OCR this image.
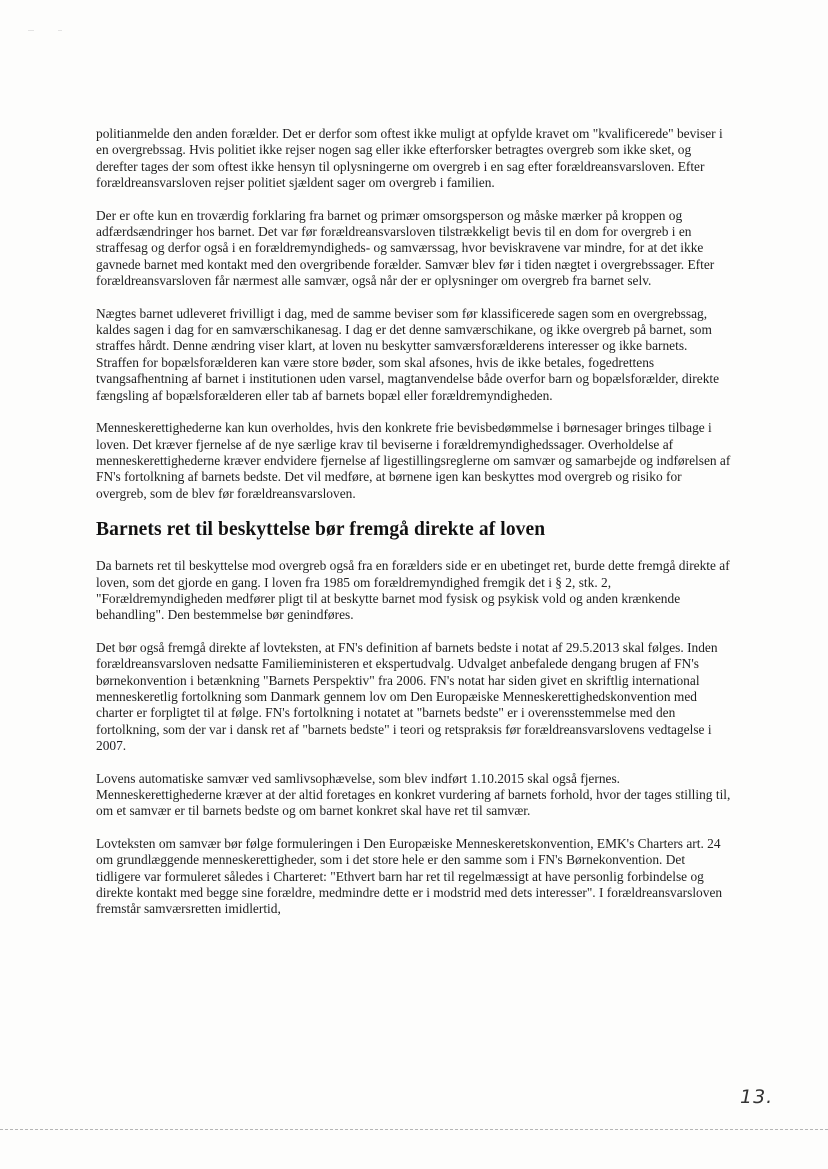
politianmelde den anden forælder. Det er derfor som oftest ikke muligt at opfylde kravet om "kvalificerede" beviser i en overgrebssag. Hvis politiet ikke rejser nogen sag eller ikke efterforsker betragtes overgreb som ikke sket, og derefter tages der som oftest ikke hensyn til oplysningerne om overgreb i en sag efter forældreansvarsloven. Efter forældreansvarsloven rejser politiet sjældent sager om overgreb i familien.

Der er ofte kun en troværdig forklaring fra barnet og primær omsorgsperson og måske mærker på kroppen og adfærdsændringer hos barnet. Det var før forældreansvarsloven tilstrækkeligt bevis til en dom for overgreb i en straffesag og derfor også i en forældremyndigheds- og samværssag, hvor beviskravene var mindre, for at det ikke gavnede barnet med kontakt med den overgribende forælder. Samvær blev før i tiden nægtet i overgrebssager. Efter forældreansvarsloven får nærmest alle samvær, også når der er oplysninger om overgreb fra barnet selv.

Nægtes barnet udleveret frivilligt i dag, med de samme beviser som før klassificerede sagen som en overgrebssag, kaldes sagen i dag for en samværschikanesag. I dag er det denne samværschikane, og ikke overgreb på barnet, som straffes hårdt. Denne ændring viser klart, at loven nu beskytter samværsforælderens interesser og ikke barnets. Straffen for bopælsforælderen kan være store bøder, som skal afsones, hvis de ikke betales, fogedrettens tvangsafhentning af barnet i institutionen uden varsel, magtanvendelse både overfor barn og bopælsforælder, direkte fængsling af bopælsforælderen eller tab af barnets bopæl eller forældremyndigheden.

Menneskerettighederne kan kun overholdes, hvis den konkrete frie bevisbedømmelse i børnesager bringes tilbage i loven. Det kræver fjernelse af de nye særlige krav til beviserne i forældremyndighedssager. Overholdelse af menneskerettighederne kræver endvidere fjernelse af ligestillingsreglerne om samvær og samarbejde og indførelsen af FN's fortolkning af barnets bedste. Det vil medføre, at børnene igen kan beskyttes mod overgreb og risiko for overgreb, som de blev før forældreansvarsloven.

Barnets ret til beskyttelse bør fremgå direkte af loven

Da barnets ret til beskyttelse mod overgreb også fra en forælders side er en ubetinget ret, burde dette fremgå direkte af loven, som det gjorde en gang. I loven fra 1985 om forældremyndighed fremgik det i § 2, stk. 2, "Forældremyndigheden medfører pligt til at beskytte barnet mod fysisk og psykisk vold og anden krænkende behandling". Den bestemmelse bør genindføres.

Det bør også fremgå direkte af lovteksten, at FN's definition af barnets bedste i notat af 29.5.2013 skal følges. Inden forældreansvarsloven nedsatte Familieministeren et ekspertudvalg. Udvalget anbefalede dengang brugen af FN's børnekonvention i betænkning "Barnets Perspektiv" fra 2006. FN's notat har siden givet en skriftlig international menneskeretlig fortolkning som Danmark gennem lov om Den Europæiske Menneskerettighedskonvention med charter er forpligtet til at følge. FN's fortolkning i notatet at "barnets bedste" er i overensstemmelse med den fortolkning, som der var i dansk ret af "barnets bedste" i teori og retspraksis før forældreansvarslovens vedtagelse i 2007.

Lovens automatiske samvær ved samlivsophævelse, som blev indført 1.10.2015 skal også fjernes. Menneskerettighederne kræver at der altid foretages en konkret vurdering af barnets forhold, hvor der tages stilling til, om et samvær er til barnets bedste og om barnet konkret skal have ret til samvær.

Lovteksten om samvær bør følge formuleringen i Den Europæiske Menneskeretskonvention, EMK's Charters art. 24 om grundlæggende menneskerettigheder, som i det store hele er den samme som i FN's Børnekonvention. Det tidligere var formuleret således i Charteret: "Ethvert barn har ret til regelmæssigt at have personlig forbindelse og direkte kontakt med begge sine forældre, medmindre dette er i modstrid med dets interesser". I forældreansvarsloven fremstår samværsretten imidlertid,

13.
